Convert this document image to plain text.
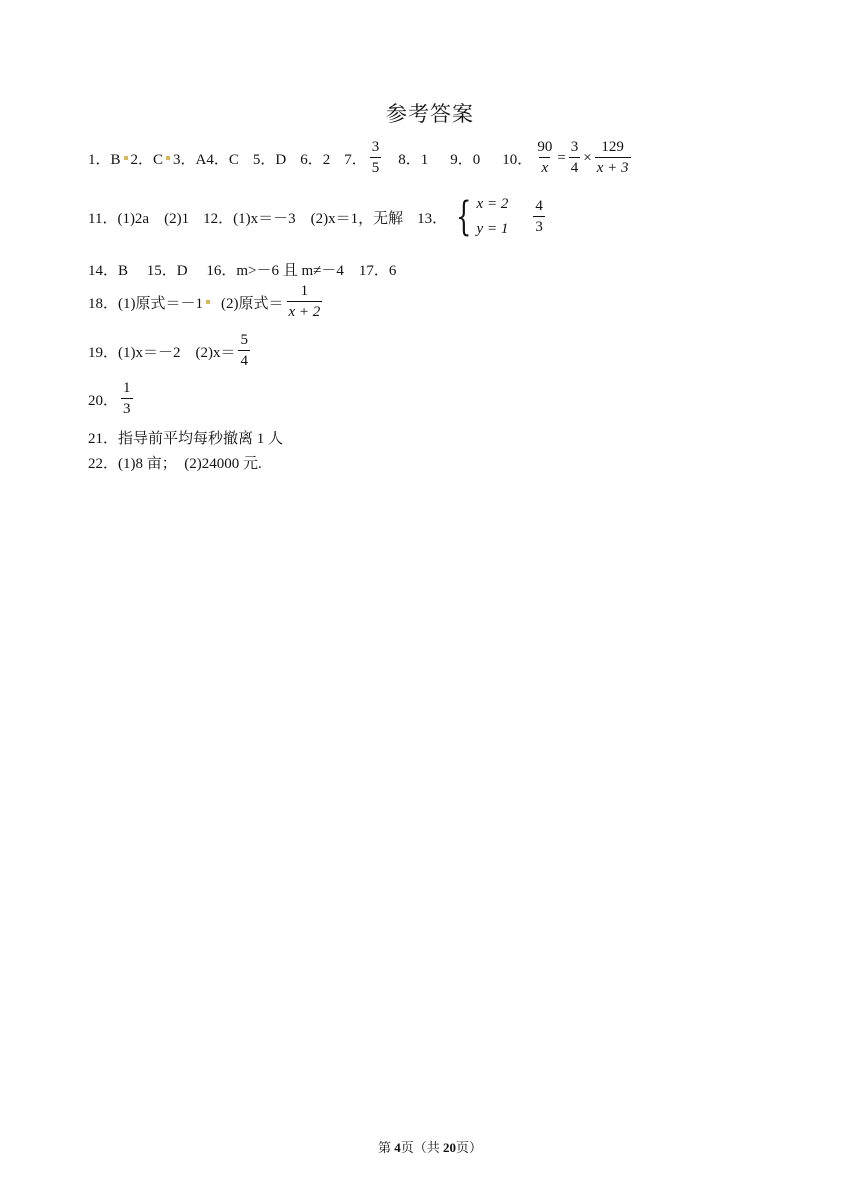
参考答案
1．B 2．C 3．A 4．C 5．D 6．2 7． $\frac{3}{5} 8$．1 9．0 10． $\frac{90}{x} = \frac{3}{4} \times \frac{129}{x + 3}$
11．(1)2a　(2)1 12．(1)x＝－3　(2)x＝1，无解 13． { x = 2
$y = 1 \frac{4}{3}$
14．B　 15．D　 16．m>－6 且 m≠－4　17．6
18．(1)原式＝－1 (2)原式＝ $\frac{1}{x + 2}$
19．(1)x＝－2　$(2)x= \frac{5}{4}$
20． $\frac{1}{3}$
21．指导前平均每秒撤离 1 人
22．(1)8 亩；　(2)24000 元.
第 4页（共 20页）
